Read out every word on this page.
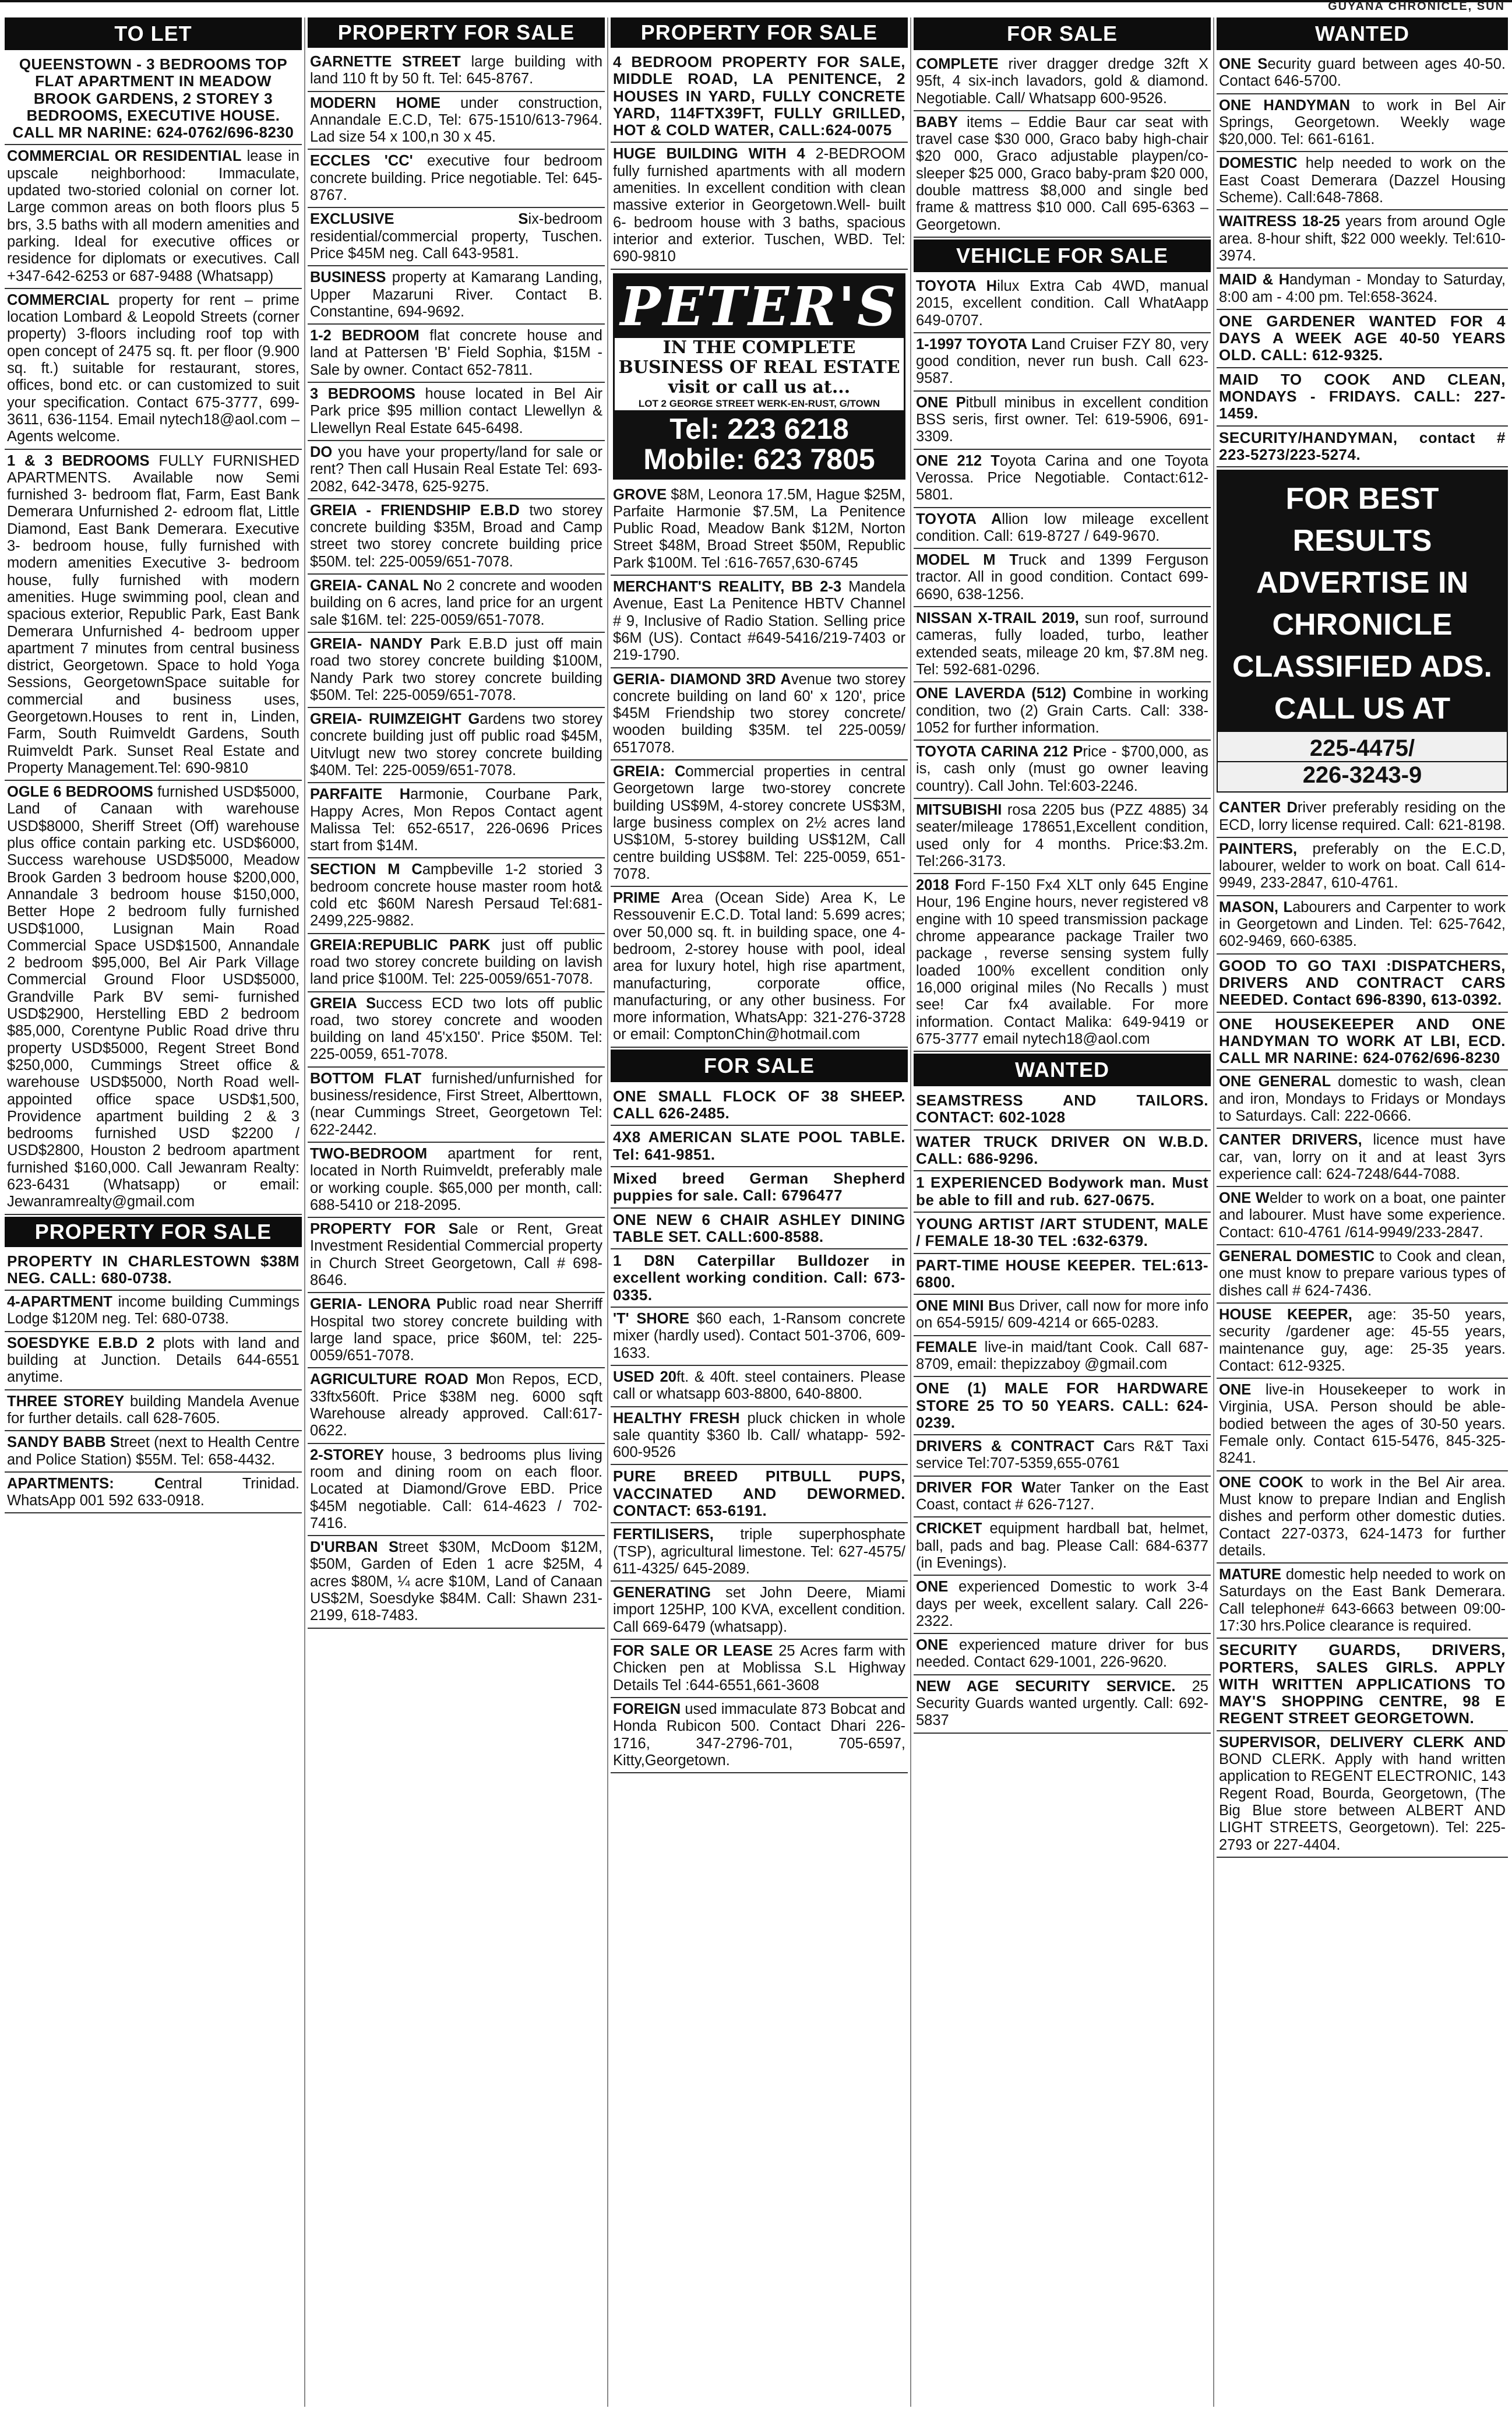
GUYANA CHRONICLE, SUN
TO LET
QUEENSTOWN - 3 BEDROOMS TOP FLAT APARTMENT IN MEADOW BROOK GARDENS, 2 STOREY 3 BEDROOMS, EXECUTIVE HOUSE. CALL MR NARINE: 624-0762/696-8230
COMMERCIAL OR RESIDENTIAL lease in upscale neighborhood: Immaculate, updated two-storied colonial on corner lot. Large common areas on both floors plus 5 brs, 3.5 baths with all modern amenities and parking. Ideal for executive offices or residence for diplomats or executives. Call +347-642-6253 or 687-9488 (Whatsapp)
COMMERCIAL property for rent – prime location Lombard & Leopold Streets (corner property) 3-floors including roof top with open concept of 2475 sq. ft. per floor (9.900 sq. ft.) suitable for restaurant, stores, offices, bond etc. or can customized to suit your specification. Contact 675-3777, 699-3611, 636-1154. Email nytech18@aol.com – Agents welcome.
1 & 3 BEDROOMS FULLY FURNISHED APARTMENTS. Available now Semi furnished 3- bedroom flat, Farm, East Bank Demerara Unfurnished 2- edroom flat, Little Diamond, East Bank Demerara. Executive 3- bedroom house, fully furnished with modern amenities Executive 3- bedroom house, fully furnished with modern amenities. Huge swimming pool, clean and spacious exterior, Republic Park, East Bank Demerara Unfurnished 4- bedroom upper apartment 7 minutes from central business district, Georgetown. Space to hold Yoga Sessions, GeorgetownSpace suitable for commercial and business uses, Georgetown.Houses to rent in, Linden, Farm, South Ruimveldt Gardens, South Ruimveldt Park. Sunset Real Estate and Property Management.Tel: 690-9810
OGLE 6 BEDROOMS furnished USD$5000, Land of Canaan with warehouse USD$8000, Sheriff Street (Off) warehouse plus office contain parking etc. USD$6000, Success warehouse USD$5000, Meadow Brook Garden 3 bedroom house $200,000, Annandale 3 bedroom house $150,000, Better Hope 2 bedroom fully furnished USD$1000, Lusignan Main Road Commercial Space USD$1500, Annandale 2 bedroom $95,000, Bel Air Park Village Commercial Ground Floor USD$5000, Grandville Park BV semi- furnished USD$2900, Herstelling EBD 2 bedroom $85,000, Corentyne Public Road drive thru property USD$5000, Regent Street Bond $250,000, Cummings Street office & warehouse USD$5000, North Road well-appointed office space USD$1,500, Providence apartment building 2 & 3 bedrooms furnished USD $2200 / USD$2800, Houston 2 bedroom apartment furnished $160,000. Call Jewanram Realty: 623-6431 (Whatsapp) or email: Jewanramrealty@gmail.com
PROPERTY FOR SALE
PROPERTY IN CHARLESTOWN $38M NEG. CALL: 680-0738.
4-APARTMENT income building Cummings Lodge $120M neg. Tel: 680-0738.
SOESDYKE E.B.D 2 plots with land and building at Junction. Details 644-6551 anytime.
THREE STOREY building Mandela Avenue for further details. call 628-7605.
SANDY BABB Street (next to Health Centre and Police Station) $55M. Tel: 658-4432.
APARTMENTS: Central Trinidad. WhatsApp 001 592 633-0918.
PROPERTY FOR SALE
GARNETTE STREET large building with land 110 ft by 50 ft. Tel: 645-8767.
MODERN HOME under construction, Annandale E.C.D, Tel: 675-1510/613-7964. Lad size 54 x 100,n 30 x 45.
ECCLES 'CC' executive four bedroom concrete building. Price negotiable. Tel: 645-8767.
EXCLUSIVE Six-bedroom residential/commercial property, Tuschen. Price $45M neg. Call 643-9581.
BUSINESS property at Kamarang Landing, Upper Mazaruni River. Contact B. Constantine, 694-9692.
1-2 BEDROOM flat concrete house and land at Pattersen 'B' Field Sophia, $15M - Sale by owner. Contact 652-7811.
3 BEDROOMS house located in Bel Air Park price $95 million contact Llewellyn & Llewellyn Real Estate 645-6498.
DO you have your property/land for sale or rent? Then call Husain Real Estate Tel: 693-2082, 642-3478, 625-9275.
GREIA - FRIENDSHIP E.B.D two storey concrete building $35M, Broad and Camp street two storey concrete building price $50M. tel: 225-0059/651-7078.
GREIA- CANAL No 2 concrete and wooden building on 6 acres, land price for an urgent sale $16M. tel: 225-0059/651-7078.
GREIA- NANDY Park E.B.D just off main road two storey concrete building $100M, Nandy Park two storey concrete building $50M. Tel: 225-0059/651-7078.
GREIA- RUIMZEIGHT Gardens two storey concrete building just off public road $45M, Uitvlugt new two storey concrete building $40M. Tel: 225-0059/651-7078.
PARFAITE Harmonie, Courbane Park, Happy Acres, Mon Repos Contact agent Malissa Tel: 652-6517, 226-0696 Prices start from $14M.
SECTION M Campbeville 1-2 storied 3 bedroom concrete house master room hot& cold etc $60M Naresh Persaud Tel:681-2499,225-9882.
GREIA:REPUBLIC PARK just off public road two storey concrete building on lavish land price $100M. Tel: 225-0059/651-7078.
GREIA Success ECD two lots off public road, two storey concrete and wooden building on land 45'x150'. Price $50M. Tel: 225-0059, 651-7078.
BOTTOM FLAT furnished/unfurnished for business/residence, First Street, Alberttown, (near Cummings Street, Georgetown Tel: 622-2442.
TWO-BEDROOM apartment for rent, located in North Ruimveldt, preferably male or working couple. $65,000 per month, call: 688-5410 or 218-2095.
PROPERTY FOR Sale or Rent, Great Investment Residential Commercial property in Church Street Georgetown, Call # 698-8646.
GERIA- LENORA Public road near Sherriff Hospital two storey concrete building with large land space, price $60M, tel: 225-0059/651-7078.
AGRICULTURE ROAD Mon Repos, ECD, 33ftx560ft. Price $38M neg. 6000 sqft Warehouse already approved. Call:617-0622.
2-STOREY house, 3 bedrooms plus living room and dining room on each floor. Located at Diamond/Grove EBD. Price $45M negotiable. Call: 614-4623 / 702-7416.
D'URBAN Street $30M, McDoom $12M, $50M, Garden of Eden 1 acre $25M, 4 acres $80M, ¼ acre $10M, Land of Canaan US$2M, Soesdyke $84M. Call: Shawn 231-2199, 618-7483.
PROPERTY FOR SALE
4 BEDROOM PROPERTY FOR SALE, MIDDLE ROAD, LA PENITENCE, 2 HOUSES IN YARD, FULLY CONCRETE YARD, 114FTX39FT, FULLY GRILLED, HOT & COLD WATER, CALL:624-0075
HUGE BUILDING WITH 4 2-BEDROOM fully furnished apartments with all modern amenities. In excellent condition with clean massive exterior in Georgetown.Well- built 6- bedroom house with 3 baths, spacious interior and exterior. Tuschen, WBD. Tel: 690-9810
PETER'S
IN THE COMPLETE
BUSINESS OF REAL ESTATE
visit or call us at...
LOT 2 GEORGE STREET WERK-EN-RUST, G/TOWN
Tel: 223 6218
Mobile: 623 7805
GROVE $8M, Leonora 17.5M, Hague $25M, Parfaite Harmonie $7.5M, La Penitence Public Road, Meadow Bank $12M, Norton Street $48M, Broad Street $50M, Republic Park $100M. Tel :616-7657,630-6745
MERCHANT'S REALITY, BB 2-3 Mandela Avenue, East La Penitence HBTV Channel # 9, Inclusive of Radio Station. Selling price $6M (US). Contact #649-5416/219-7403 or 219-1790.
GERIA- DIAMOND 3RD Avenue two storey concrete building on land 60' x 120', price $45M Friendship two storey concrete/ wooden building $35M. tel 225-0059/ 6517078.
GREIA: Commercial properties in central Georgetown large two-storey concrete building US$9M, 4-storey concrete US$3M, large business complex on 2½ acres land US$10M, 5-storey building US$12M, Call centre building US$8M. Tel: 225-0059, 651-7078.
PRIME Area (Ocean Side) Area K, Le Ressouvenir E.C.D. Total land: 5.699 acres; over 50,000 sq. ft. in building space, one 4-bedroom, 2-storey house with pool, ideal area for luxury hotel, high rise apartment, manufacturing, corporate office, manufacturing, or any other business. For more information, WhatsApp: 321-276-3728 or email: ComptonChin@hotmail.com
FOR SALE
ONE SMALL FLOCK OF 38 SHEEP. CALL 626-2485.
4X8 AMERICAN SLATE POOL TABLE. Tel: 641-9851.
Mixed breed German Shepherd puppies for sale. Call: 6796477
ONE NEW 6 CHAIR ASHLEY DINING TABLE SET. CALL:600-8588.
1 D8N Caterpillar Bulldozer in excellent working condition. Call: 673-0335.
'T' SHORE $60 each, 1-Ransom concrete mixer (hardly used). Contact 501-3706, 609-1633.
USED 20ft. & 40ft. steel containers. Please call or whatsapp 603-8800, 640-8800.
HEALTHY FRESH pluck chicken in whole sale quantity $360 lb. Call/ whatapp- 592-600-9526
PURE BREED PITBULL PUPS, VACCINATED AND DEWORMED. CONTACT: 653-6191.
FERTILISERS, triple superphosphate (TSP), agricultural limestone. Tel: 627-4575/ 611-4325/ 645-2089.
GENERATING set John Deere, Miami import 125HP, 100 KVA, excellent condition. Call 669-6479 (whatsapp).
FOR SALE OR LEASE 25 Acres farm with Chicken pen at Moblissa S.L Highway Details Tel :644-6551,661-3608
FOREIGN used immaculate 873 Bobcat and Honda Rubicon 500. Contact Dhari 226-1716, 347-2796-701, 705-6597, Kitty,Georgetown.
FOR SALE
COMPLETE river dragger dredge 32ft X 95ft, 4 six-inch lavadors, gold & diamond. Negotiable. Call/ Whatsapp 600-9526.
BABY items – Eddie Baur car seat with travel case $30 000, Graco baby high-chair $20 000, Graco adjustable playpen/co-sleeper $25 000, Graco baby-pram $20 000, double mattress $8,000 and single bed frame & mattress $10 000. Call 695-6363 – Georgetown.
VEHICLE FOR SALE
TOYOTA Hilux Extra Cab 4WD, manual 2015, excellent condition. Call WhatAapp 649-0707.
1-1997 TOYOTA Land Cruiser FZY 80, very good condition, never run bush. Call 623-9587.
ONE Pitbull minibus in excellent condition BSS seris, first owner. Tel: 619-5906, 691-3309.
ONE 212 Toyota Carina and one Toyota Verossa. Price Negotiable. Contact:612-5801.
TOYOTA Allion low mileage excellent condition. Call: 619-8727 / 649-9670.
MODEL M Truck and 1399 Ferguson tractor. All in good condition. Contact 699-6690, 638-1256.
NISSAN X-TRAIL 2019, sun roof, surround cameras, fully loaded, turbo, leather extended seats, mileage 20 km, $7.8M neg. Tel: 592-681-0296.
ONE LAVERDA (512) Combine in working condition, two (2) Grain Carts. Call: 338-1052 for further information.
TOYOTA CARINA 212 Price - $700,000, as is, cash only (must go owner leaving country). Call John. Tel:603-2246.
MITSUBISHI rosa 2205 bus (PZZ 4885) 34 seater/mileage 178651,Excellent condition, used only for 4 months. Price:$3.2m. Tel:266-3173.
2018 Ford F-150 Fx4 XLT only 645 Engine Hour, 196 Engine hours, never registered v8 engine with 10 speed transmission package chrome appearance package Trailer two package , reverse sensing system fully loaded 100% excellent condition only 16,000 original miles (No Recalls ) must see! Car fx4 available. For more information. Contact Malika: 649-9419 or 675-3777 email nytech18@aol.com
WANTED
SEAMSTRESS AND TAILORS. CONTACT: 602-1028
WATER TRUCK DRIVER ON W.B.D. CALL: 686-9296.
1 EXPERIENCED Bodywork man. Must be able to fill and rub. 627-0675.
YOUNG ARTIST /ART STUDENT, MALE / FEMALE 18-30 TEL :632-6379.
PART-TIME HOUSE KEEPER. TEL:613-6800.
ONE MINI Bus Driver, call now for more info on 654-5915/ 609-4214 or 665-0283.
FEMALE live-in maid/tant Cook. Call 687-8709, email: thepizzaboy @gmail.com
ONE (1) MALE FOR HARDWARE STORE 25 TO 50 YEARS. CALL: 624-0239.
DRIVERS & CONTRACT Cars R&T Taxi service Tel:707-5359,655-0761
DRIVER FOR Water Tanker on the East Coast, contact # 626-7127.
CRICKET equipment hardball bat, helmet, ball, pads and bag. Please Call: 684-6377 (in Evenings).
ONE experienced Domestic to work 3-4 days per week, excellent salary. Call 226-2322.
ONE experienced mature driver for bus needed. Contact 629-1001, 226-9620.
NEW AGE SECURITY SERVICE. 25 Security Guards wanted urgently. Call: 692-5837
WANTED
ONE Security guard between ages 40-50. Contact 646-5700.
ONE HANDYMAN to work in Bel Air Springs, Georgetown. Weekly wage $20,000. Tel: 661-6161.
DOMESTIC help needed to work on the East Coast Demerara (Dazzel Housing Scheme). Call:648-7868.
WAITRESS 18-25 years from around Ogle area. 8-hour shift, $22 000 weekly. Tel:610-3974.
MAID & Handyman - Monday to Saturday, 8:00 am - 4:00 pm. Tel:658-3624.
ONE GARDENER WANTED FOR 4 DAYS A WEEK AGE 40-50 YEARS OLD. CALL: 612-9325.
MAID TO COOK AND CLEAN, MONDAYS - FRIDAYS. CALL: 227-1459.
SECURITY/HANDYMAN, contact # 223-5273/223-5274.
FOR BEST RESULTS ADVERTISE IN CHRONICLE CLASSIFIED ADS. CALL US AT
225-4475/
226-3243-9
CANTER Driver preferably residing on the ECD, lorry license required. Call: 621-8198.
PAINTERS, preferably on the E.C.D, labourer, welder to work on boat. Call 614-9949, 233-2847, 610-4761.
MASON, Labourers and Carpenter to work in Georgetown and Linden. Tel: 625-7642, 602-9469, 660-6385.
GOOD TO GO TAXI :DISPATCHERS, DRIVERS AND CONTRACT CARS NEEDED. Contact 696-8390, 613-0392.
ONE HOUSEKEEPER AND ONE HANDYMAN TO WORK AT LBI, ECD. CALL MR NARINE: 624-0762/696-8230
ONE GENERAL domestic to wash, clean and iron, Mondays to Fridays or Mondays to Saturdays. Call: 222-0666.
CANTER DRIVERS, licence must have car, van, lorry on it and at least 3yrs experience call: 624-7248/644-7088.
ONE Welder to work on a boat, one painter and labourer. Must have some experience. Contact: 610-4761 /614-9949/233-2847.
GENERAL DOMESTIC to Cook and clean, one must know to prepare various types of dishes call # 624-7436.
HOUSE KEEPER, age: 35-50 years, security /gardener age: 45-55 years, maintenance guy, age: 25-35 years. Contact: 612-9325.
ONE live-in Housekeeper to work in Virginia, USA. Person should be able-bodied between the ages of 30-50 years. Female only. Contact 615-5476, 845-325-8241.
ONE COOK to work in the Bel Air area. Must know to prepare Indian and English dishes and perform other domestic duties. Contact 227-0373, 624-1473 for further details.
MATURE domestic help needed to work on Saturdays on the East Bank Demerara. Call telephone# 643-6663 between 09:00- 17:30 hrs.Police clearance is required.
SECURITY GUARDS, DRIVERS, PORTERS, SALES GIRLS. APPLY WITH WRITTEN APPLICATIONS TO MAY'S SHOPPING CENTRE, 98 E REGENT STREET GEORGETOWN.
SUPERVISOR, DELIVERY CLERK AND BOND CLERK. Apply with hand written application to REGENT ELECTRONIC, 143 Regent Road, Bourda, Georgetown, (The Big Blue store between ALBERT AND LIGHT STREETS, Georgetown). Tel: 225-2793 or 227-4404.
